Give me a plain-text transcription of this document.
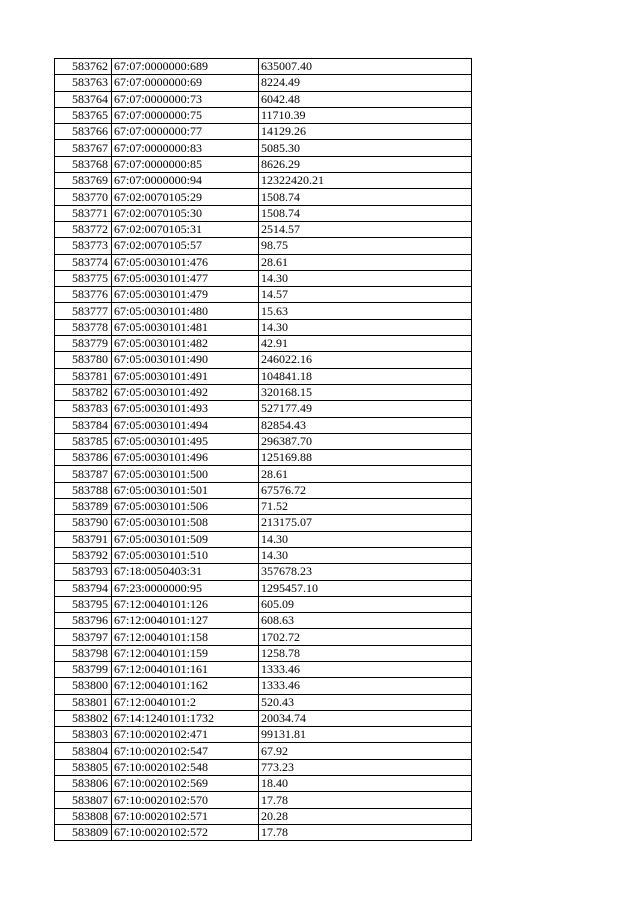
583762	67:07:0000000:689	635007.40
583763	67:07:0000000:69	8224.49
583764	67:07:0000000:73	6042.48
583765	67:07:0000000:75	11710.39
583766	67:07:0000000:77	14129.26
583767	67:07:0000000:83	5085.30
583768	67:07:0000000:85	8626.29
583769	67:07:0000000:94	12322420.21
583770	67:02:0070105:29	1508.74
583771	67:02:0070105:30	1508.74
583772	67:02:0070105:31	2514.57
583773	67:02:0070105:57	98.75
583774	67:05:0030101:476	28.61
583775	67:05:0030101:477	14.30
583776	67:05:0030101:479	14.57
583777	67:05:0030101:480	15.63
583778	67:05:0030101:481	14.30
583779	67:05:0030101:482	42.91
583780	67:05:0030101:490	246022.16
583781	67:05:0030101:491	104841.18
583782	67:05:0030101:492	320168.15
583783	67:05:0030101:493	527177.49
583784	67:05:0030101:494	82854.43
583785	67:05:0030101:495	296387.70
583786	67:05:0030101:496	125169.88
583787	67:05:0030101:500	28.61
583788	67:05:0030101:501	67576.72
583789	67:05:0030101:506	71.52
583790	67:05:0030101:508	213175.07
583791	67:05:0030101:509	14.30
583792	67:05:0030101:510	14.30
583793	67:18:0050403:31	357678.23
583794	67:23:0000000:95	1295457.10
583795	67:12:0040101:126	605.09
583796	67:12:0040101:127	608.63
583797	67:12:0040101:158	1702.72
583798	67:12:0040101:159	1258.78
583799	67:12:0040101:161	1333.46
583800	67:12:0040101:162	1333.46
583801	67:12:0040101:2	520.43
583802	67:14:1240101:1732	20034.74
583803	67:10:0020102:471	99131.81
583804	67:10:0020102:547	67.92
583805	67:10:0020102:548	773.23
583806	67:10:0020102:569	18.40
583807	67:10:0020102:570	17.78
583808	67:10:0020102:571	20.28
583809	67:10:0020102:572	17.78
